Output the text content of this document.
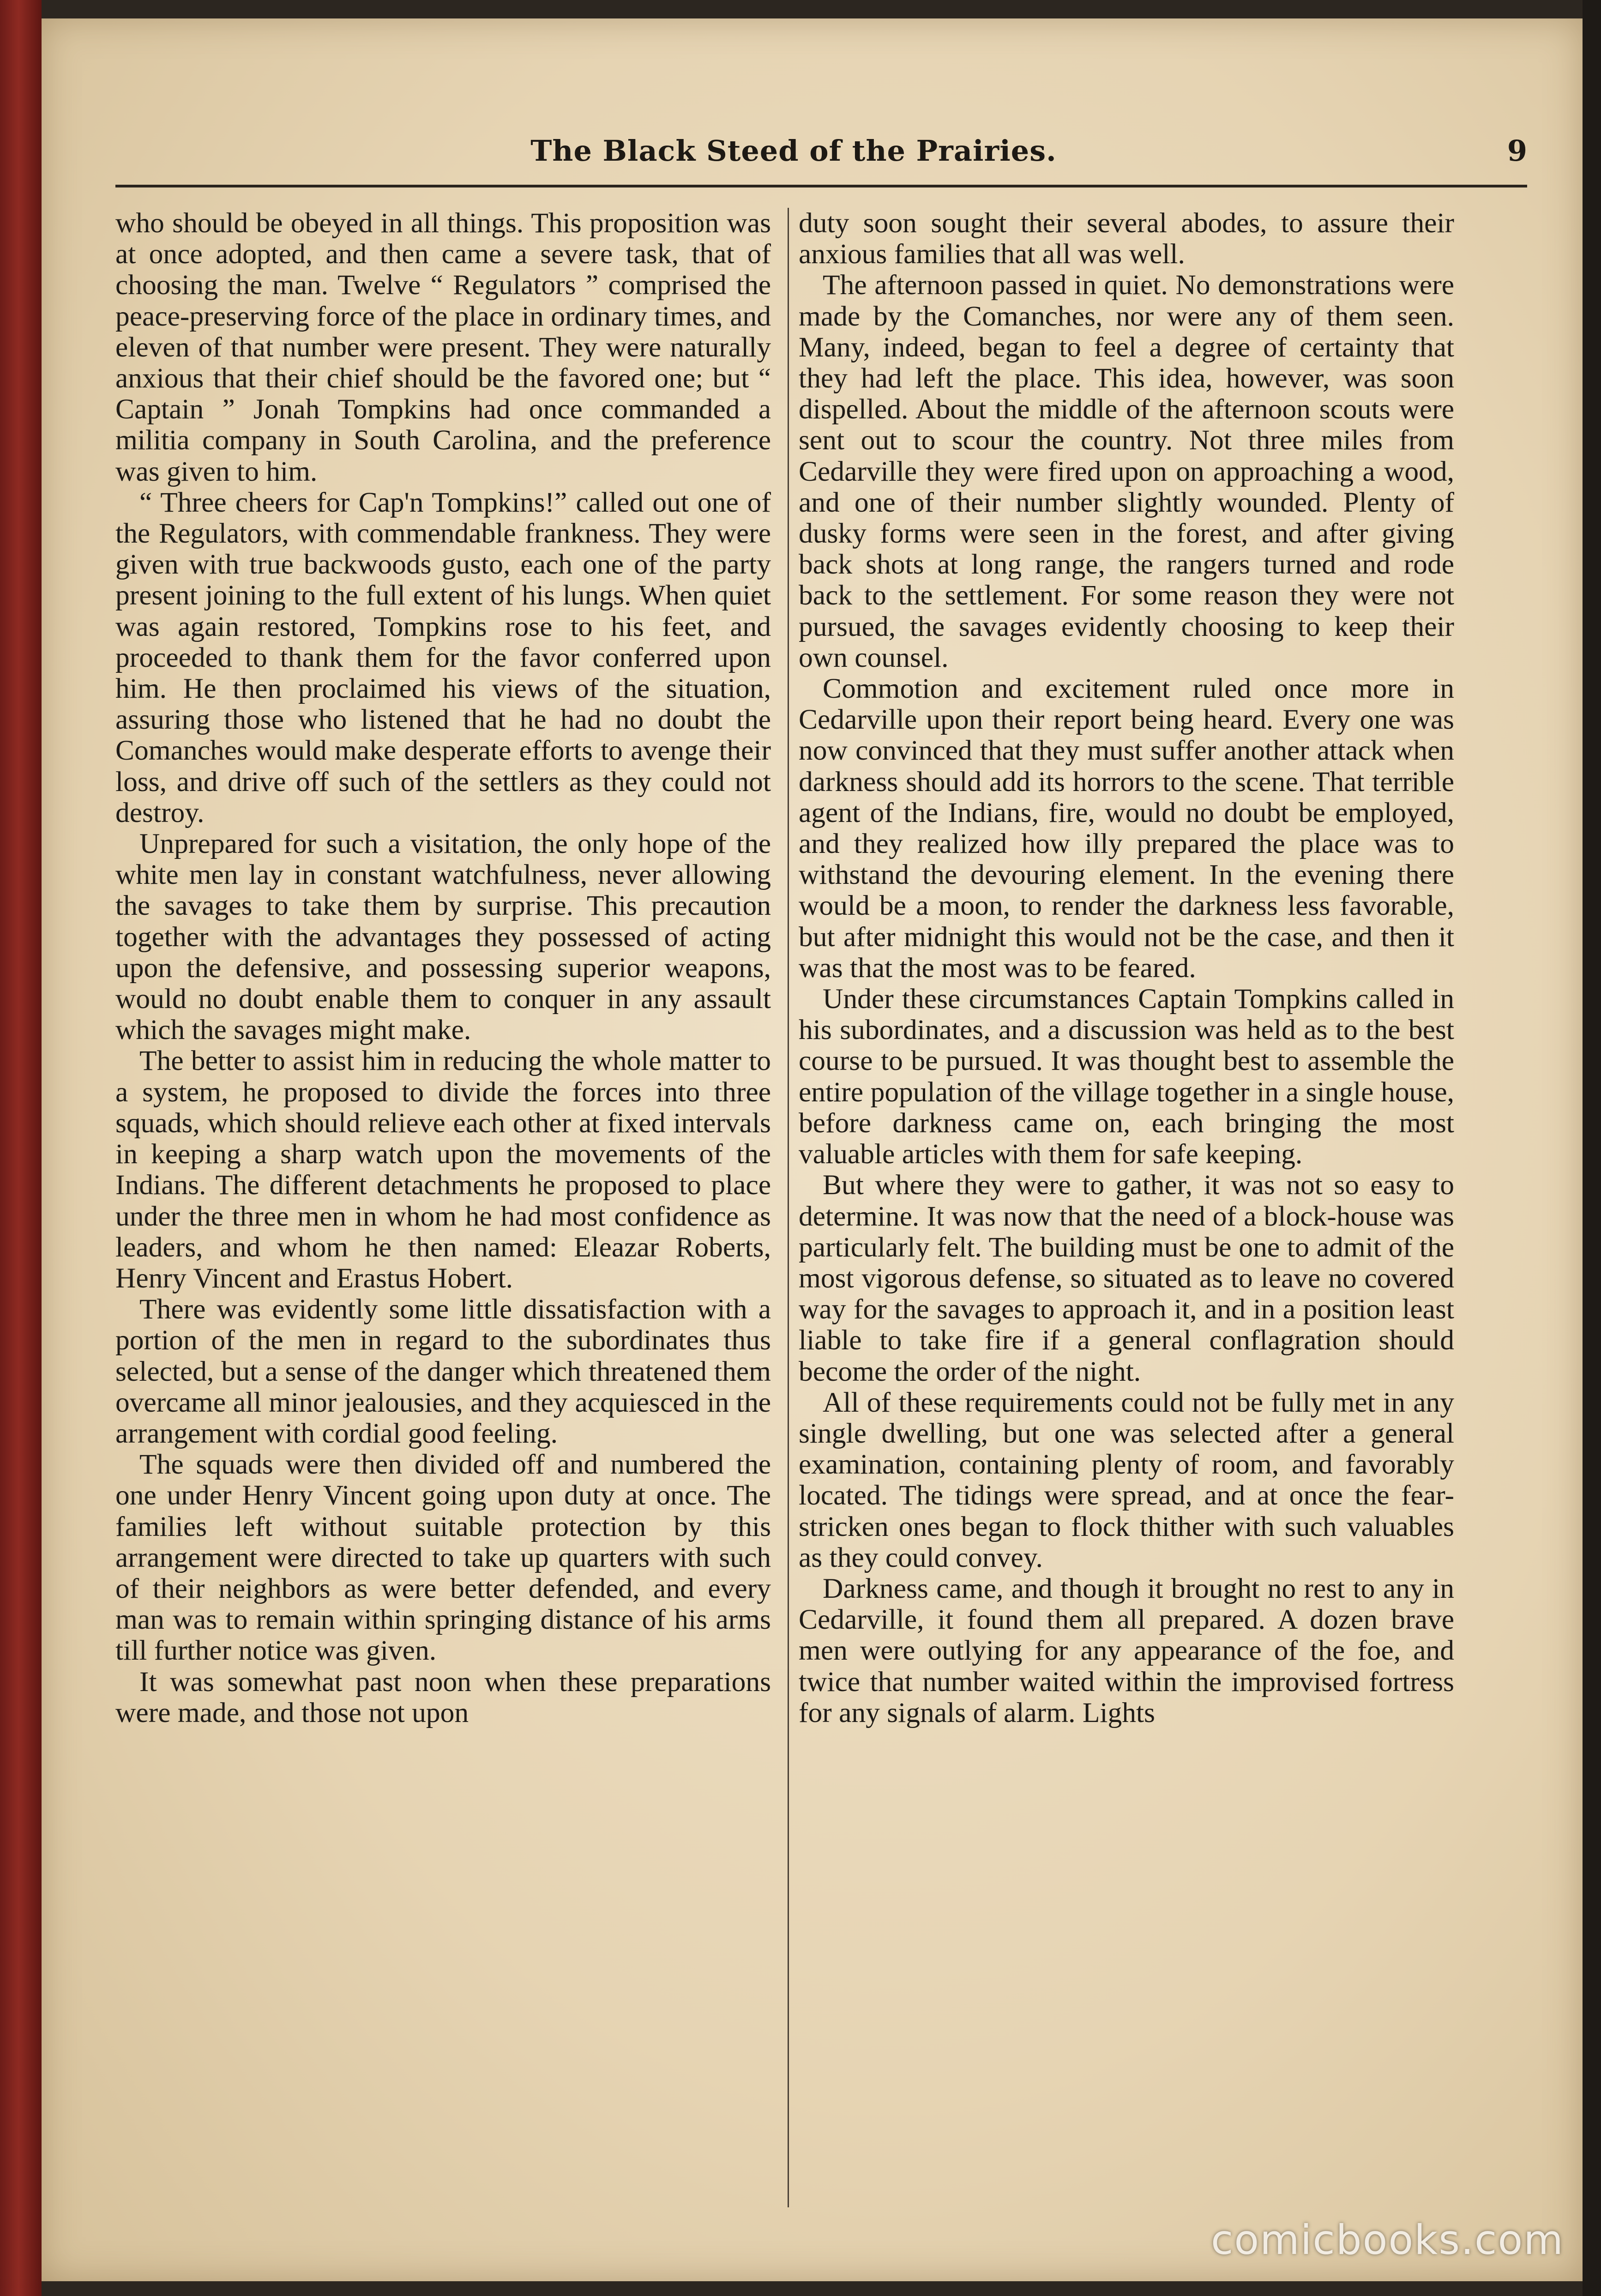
The Black Steed of the Prairies.	9

who should be obeyed in all things. This proposition was at once adopted, and then came a severe task, that of choosing the man. Twelve “ Regulators ” comprised the peace-preserving force of the place in ordinary times, and eleven of that number were present. They were naturally anxious that their chief should be the favored one; but “ Captain ” Jonah Tompkins had once commanded a militia company in South Carolina, and the preference was given to him.

“ Three cheers for Cap'n Tompkins!” called out one of the Regulators, with commendable frankness. They were given with true backwoods gusto, each one of the party present joining to the full extent of his lungs. When quiet was again restored, Tompkins rose to his feet, and proceeded to thank them for the favor conferred upon him. He then proclaimed his views of the situation, assuring those who listened that he had no doubt the Comanches would make desperate efforts to avenge their loss, and drive off such of the settlers as they could not destroy.

Unprepared for such a visitation, the only hope of the white men lay in constant watchfulness, never allowing the savages to take them by surprise. This precaution together with the advantages they possessed of acting upon the defensive, and possessing superior weapons, would no doubt enable them to conquer in any assault which the savages might make.

The better to assist him in reducing the whole matter to a system, he proposed to divide the forces into three squads, which should relieve each other at fixed intervals in keeping a sharp watch upon the movements of the Indians. The different detachments he proposed to place under the three men in whom he had most confidence as leaders, and whom he then named: Eleazar Roberts, Henry Vincent and Erastus Hobert.

There was evidently some little dissatisfaction with a portion of the men in regard to the subordinates thus selected, but a sense of the danger which threatened them overcame all minor jealousies, and they acquiesced in the arrangement with cordial good feeling.

The squads were then divided off and numbered the one under Henry Vincent going upon duty at once. The families left without suitable protection by this arrangement were directed to take up quarters with such of their neighbors as were better defended, and every man was to remain within springing distance of his arms till further notice was given.

It was somewhat past noon when these preparations were made, and those not upon

duty soon sought their several abodes, to assure their anxious families that all was well.

The afternoon passed in quiet. No demonstrations were made by the Comanches, nor were any of them seen. Many, indeed, began to feel a degree of certainty that they had left the place. This idea, however, was soon dispelled. About the middle of the afternoon scouts were sent out to scour the country. Not three miles from Cedarville they were fired upon on approaching a wood, and one of their number slightly wounded. Plenty of dusky forms were seen in the forest, and after giving back shots at long range, the rangers turned and rode back to the settlement. For some reason they were not pursued, the savages evidently choosing to keep their own counsel.

Commotion and excitement ruled once more in Cedarville upon their report being heard. Every one was now convinced that they must suffer another attack when darkness should add its horrors to the scene. That terrible agent of the Indians, fire, would no doubt be employed, and they realized how illy prepared the place was to withstand the devouring element. In the evening there would be a moon, to render the darkness less favorable, but after midnight this would not be the case, and then it was that the most was to be feared.

Under these circumstances Captain Tompkins called in his subordinates, and a discussion was held as to the best course to be pursued. It was thought best to assemble the entire population of the village together in a single house, before darkness came on, each bringing the most valuable articles with them for safe keeping.

But where they were to gather, it was not so easy to determine. It was now that the need of a block-house was particularly felt. The building must be one to admit of the most vigorous defense, so situated as to leave no covered way for the savages to approach it, and in a position least liable to take fire if a general conflagration should become the order of the night.

All of these requirements could not be fully met in any single dwelling, but one was selected after a general examination, containing plenty of room, and favorably located. The tidings were spread, and at once the fear-stricken ones began to flock thither with such valuables as they could convey.

Darkness came, and though it brought no rest to any in Cedarville, it found them all prepared. A dozen brave men were outlying for any appearance of the foe, and twice that number waited within the improvised fortress for any signals of alarm. Lights

comicbooks.com
